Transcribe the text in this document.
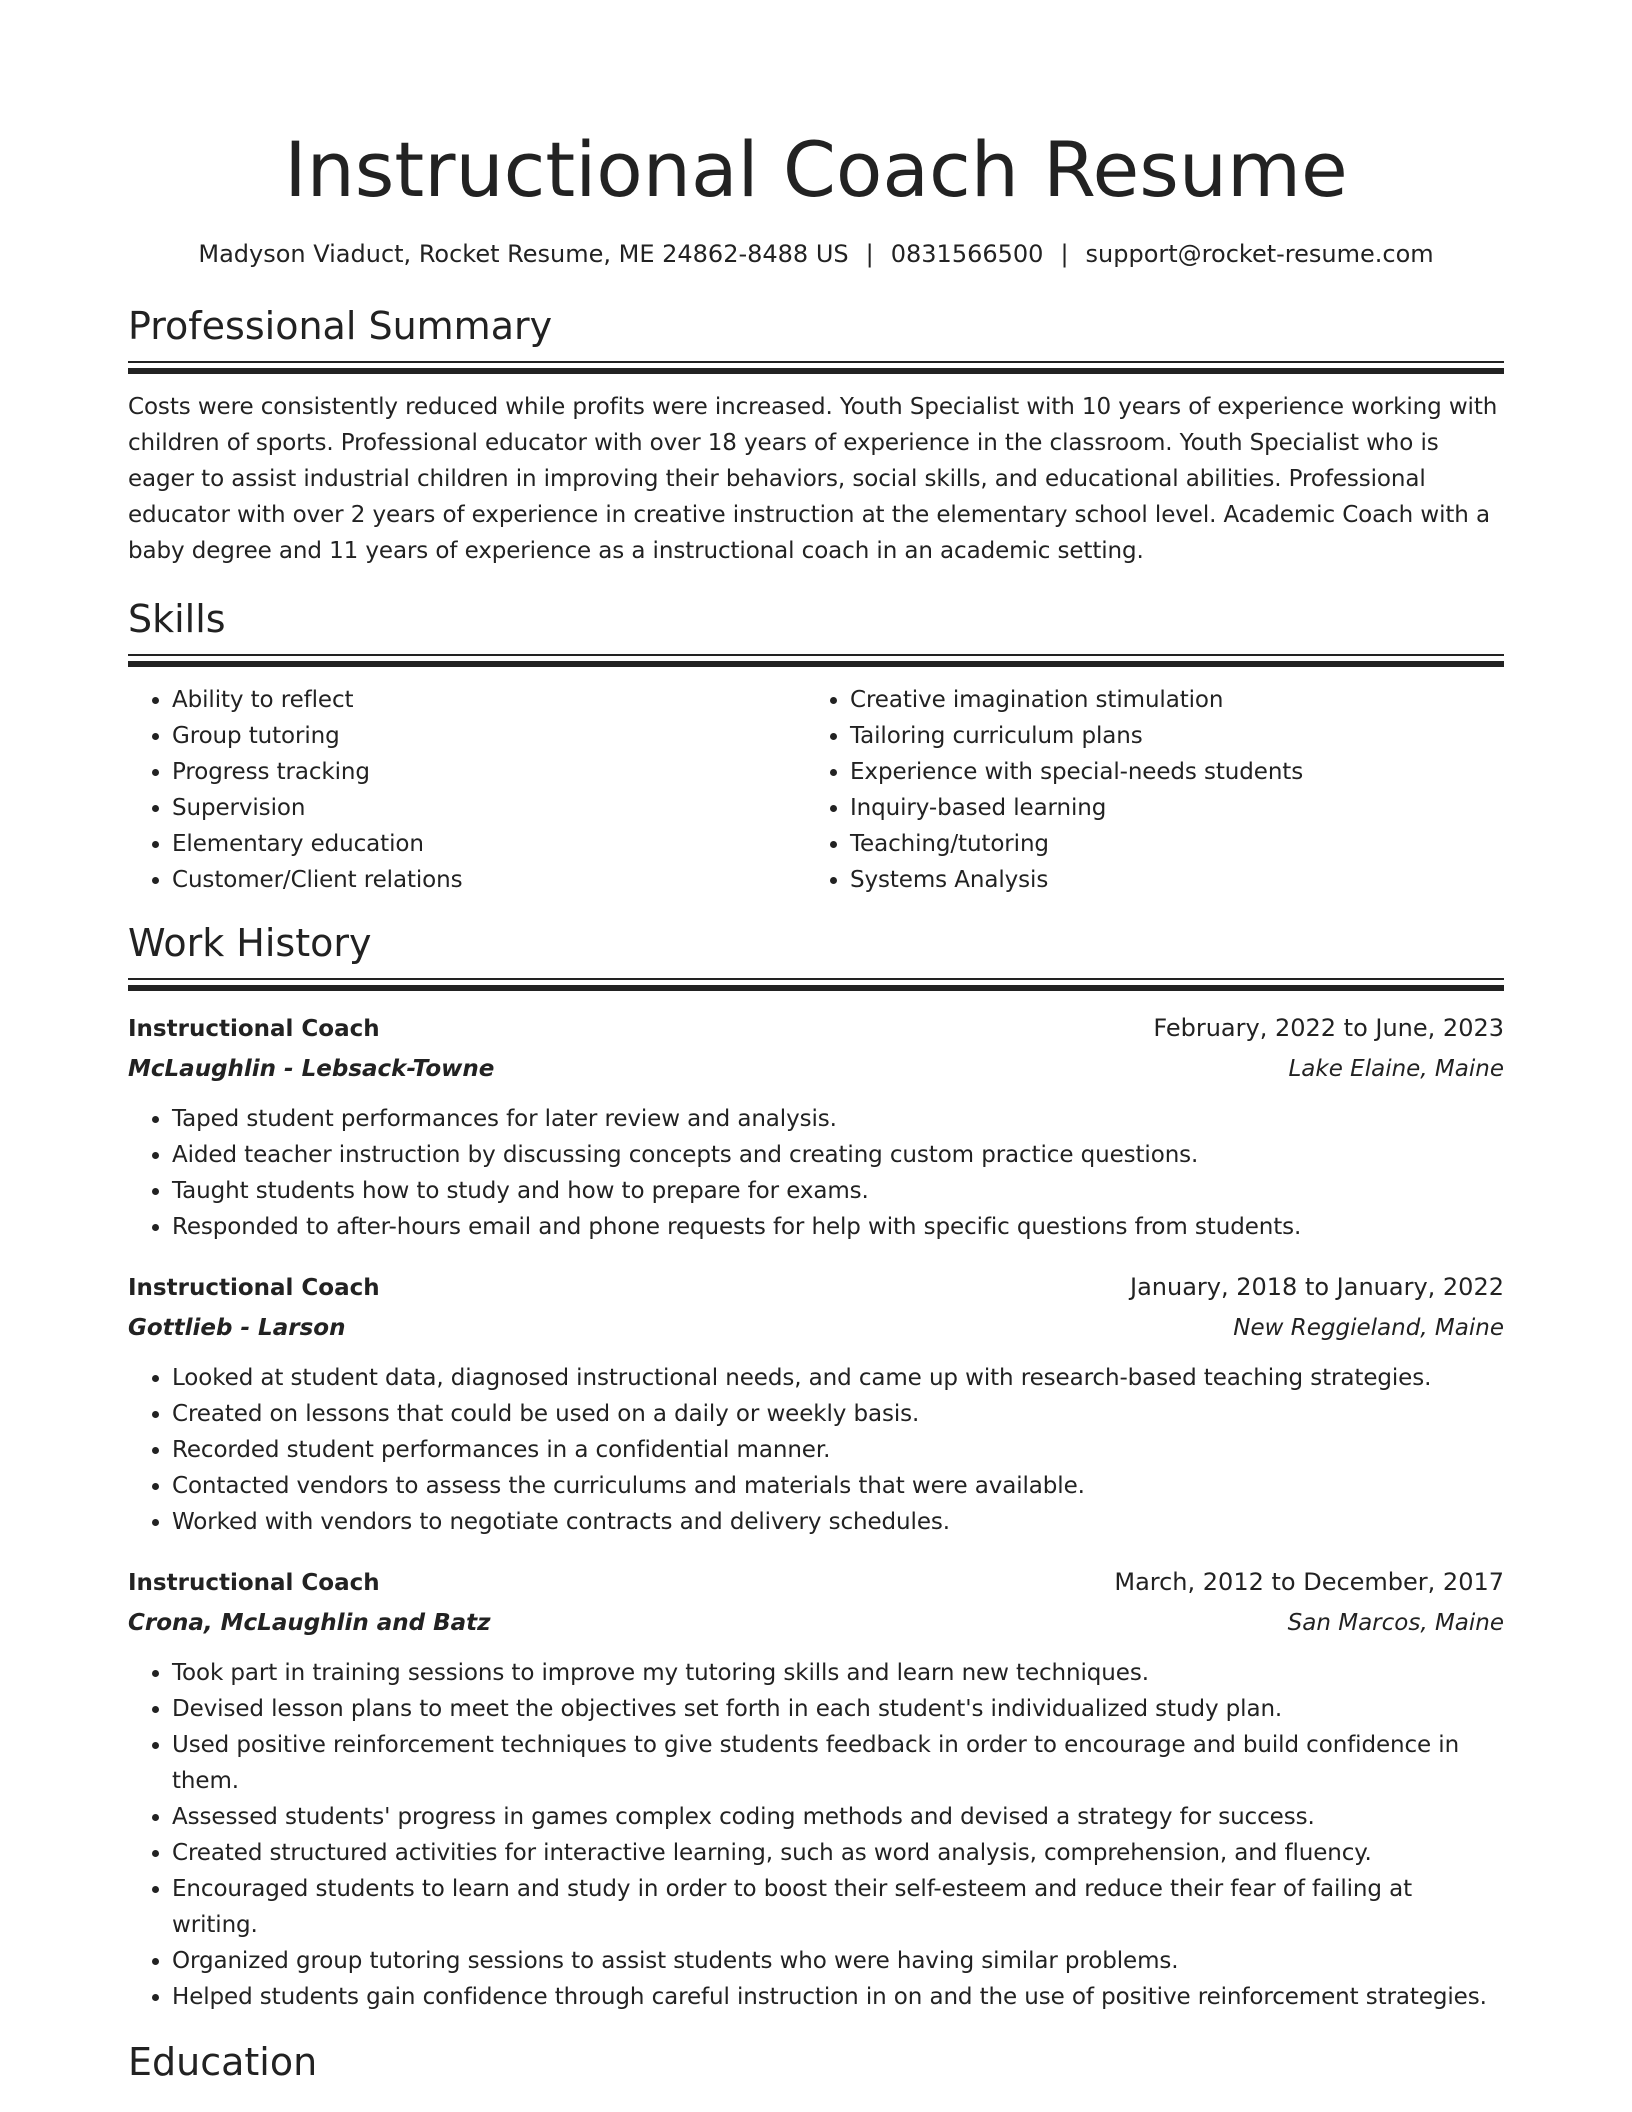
Instructional Coach Resume
Madyson Viaduct, Rocket Resume, ME 24862-8488 US | 0831566500 | support@rocket-resume.com
Professional Summary

Costs were consistently reduced while profits were increased. Youth Specialist with 10 years of experience working with children of sports. Professional educator with over 18 years of experience in the classroom. Youth Specialist who is eager to assist industrial children in improving their behaviors, social skills, and educational abilities. Professional educator with over 2 years of experience in creative instruction at the elementary school level. Academic Coach with a baby degree and 11 years of experience as a instructional coach in an academic setting.

Skills
• Ability to reflect
• Group tutoring
• Progress tracking
• Supervision
• Elementary education
• Customer/Client relations
• Creative imagination stimulation
• Tailoring curriculum plans
• Experience with special-needs students
• Inquiry-based learning
• Teaching/tutoring
• Systems Analysis
Work History
Instructional Coach	February, 2022 to June, 2023
McLaughlin - Lebsack-Towne	Lake Elaine, Maine
• Taped student performances for later review and analysis.
• Aided teacher instruction by discussing concepts and creating custom practice questions.
• Taught students how to study and how to prepare for exams.
• Responded to after-hours email and phone requests for help with specific questions from students.
Instructional Coach	January, 2018 to January, 2022
Gottlieb - Larson	New Reggieland, Maine
• Looked at student data, diagnosed instructional needs, and came up with research-based teaching strategies.
• Created on lessons that could be used on a daily or weekly basis.
• Recorded student performances in a confidential manner.
• Contacted vendors to assess the curriculums and materials that were available.
• Worked with vendors to negotiate contracts and delivery schedules.
Instructional Coach	March, 2012 to December, 2017
Crona, McLaughlin and Batz	San Marcos, Maine
• Took part in training sessions to improve my tutoring skills and learn new techniques.
• Devised lesson plans to meet the objectives set forth in each student's individualized study plan.
• Used positive reinforcement techniques to give students feedback in order to encourage and build confidence in them.
• Assessed students' progress in games complex coding methods and devised a strategy for success.
• Created structured activities for interactive learning, such as word analysis, comprehension, and fluency.
• Encouraged students to learn and study in order to boost their self-esteem and reduce their fear of failing at writing.
• Organized group tutoring sessions to assist students who were having similar problems.
• Helped students gain confidence through careful instruction in on and the use of positive reinforcement strategies.
Education
